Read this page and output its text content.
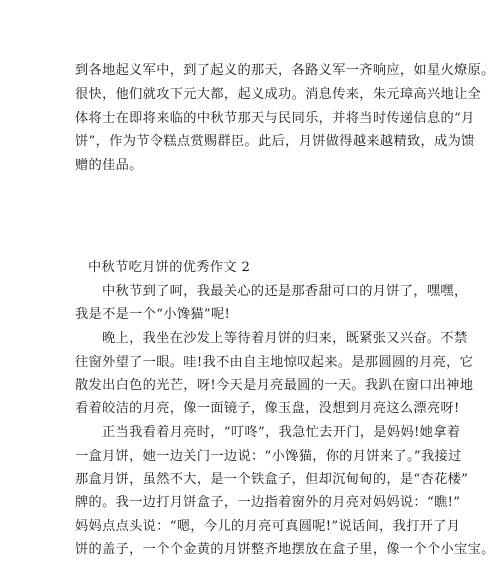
到各地起义军中，到了起义的那天，各路义军一齐响应，如星火燎原。
很快，他们就攻下元大都，起义成功。消息传来，朱元璋高兴地让全
体将士在即将来临的中秋节那天与民同乐，并将当时传递信息的“月
饼”，作为节令糕点赏赐群臣。此后，月饼做得越来越精致，成为馈
赠的佳品。
中秋节吃月饼的优秀作文 2
中秋节到了呵，我最关心的还是那香甜可口的月饼了，嘿嘿，
我是不是一个“小馋猫”呢!
晚上，我坐在沙发上等待着月饼的归来，既紧张又兴奋。不禁
往窗外望了一眼。哇!我不由自主地惊叹起来。是那圆圆的月亮，它
散发出白色的光芒，呀!今天是月亮最圆的一天。我趴在窗口出神地
看着皎洁的月亮，像一面镜子，像玉盘，没想到月亮这么漂亮呀!
正当我看着月亮时，“叮咚”，我急忙去开门，是妈妈!她拿着
一盒月饼，她一边关门一边说：“小馋猫，你的月饼来了。”我接过
那盒月饼，虽然不大，是一个铁盒子，但却沉甸甸的，是“杏花楼”
牌的。我一边打月饼盒子，一边指着窗外的月亮对妈妈说：“瞧!”
妈妈点点头说：“嗯，今儿的月亮可真圆呢!”说话间，我打开了月
饼的盖子，一个个金黄的月饼整齐地摆放在盒子里，像一个个小宝宝。
